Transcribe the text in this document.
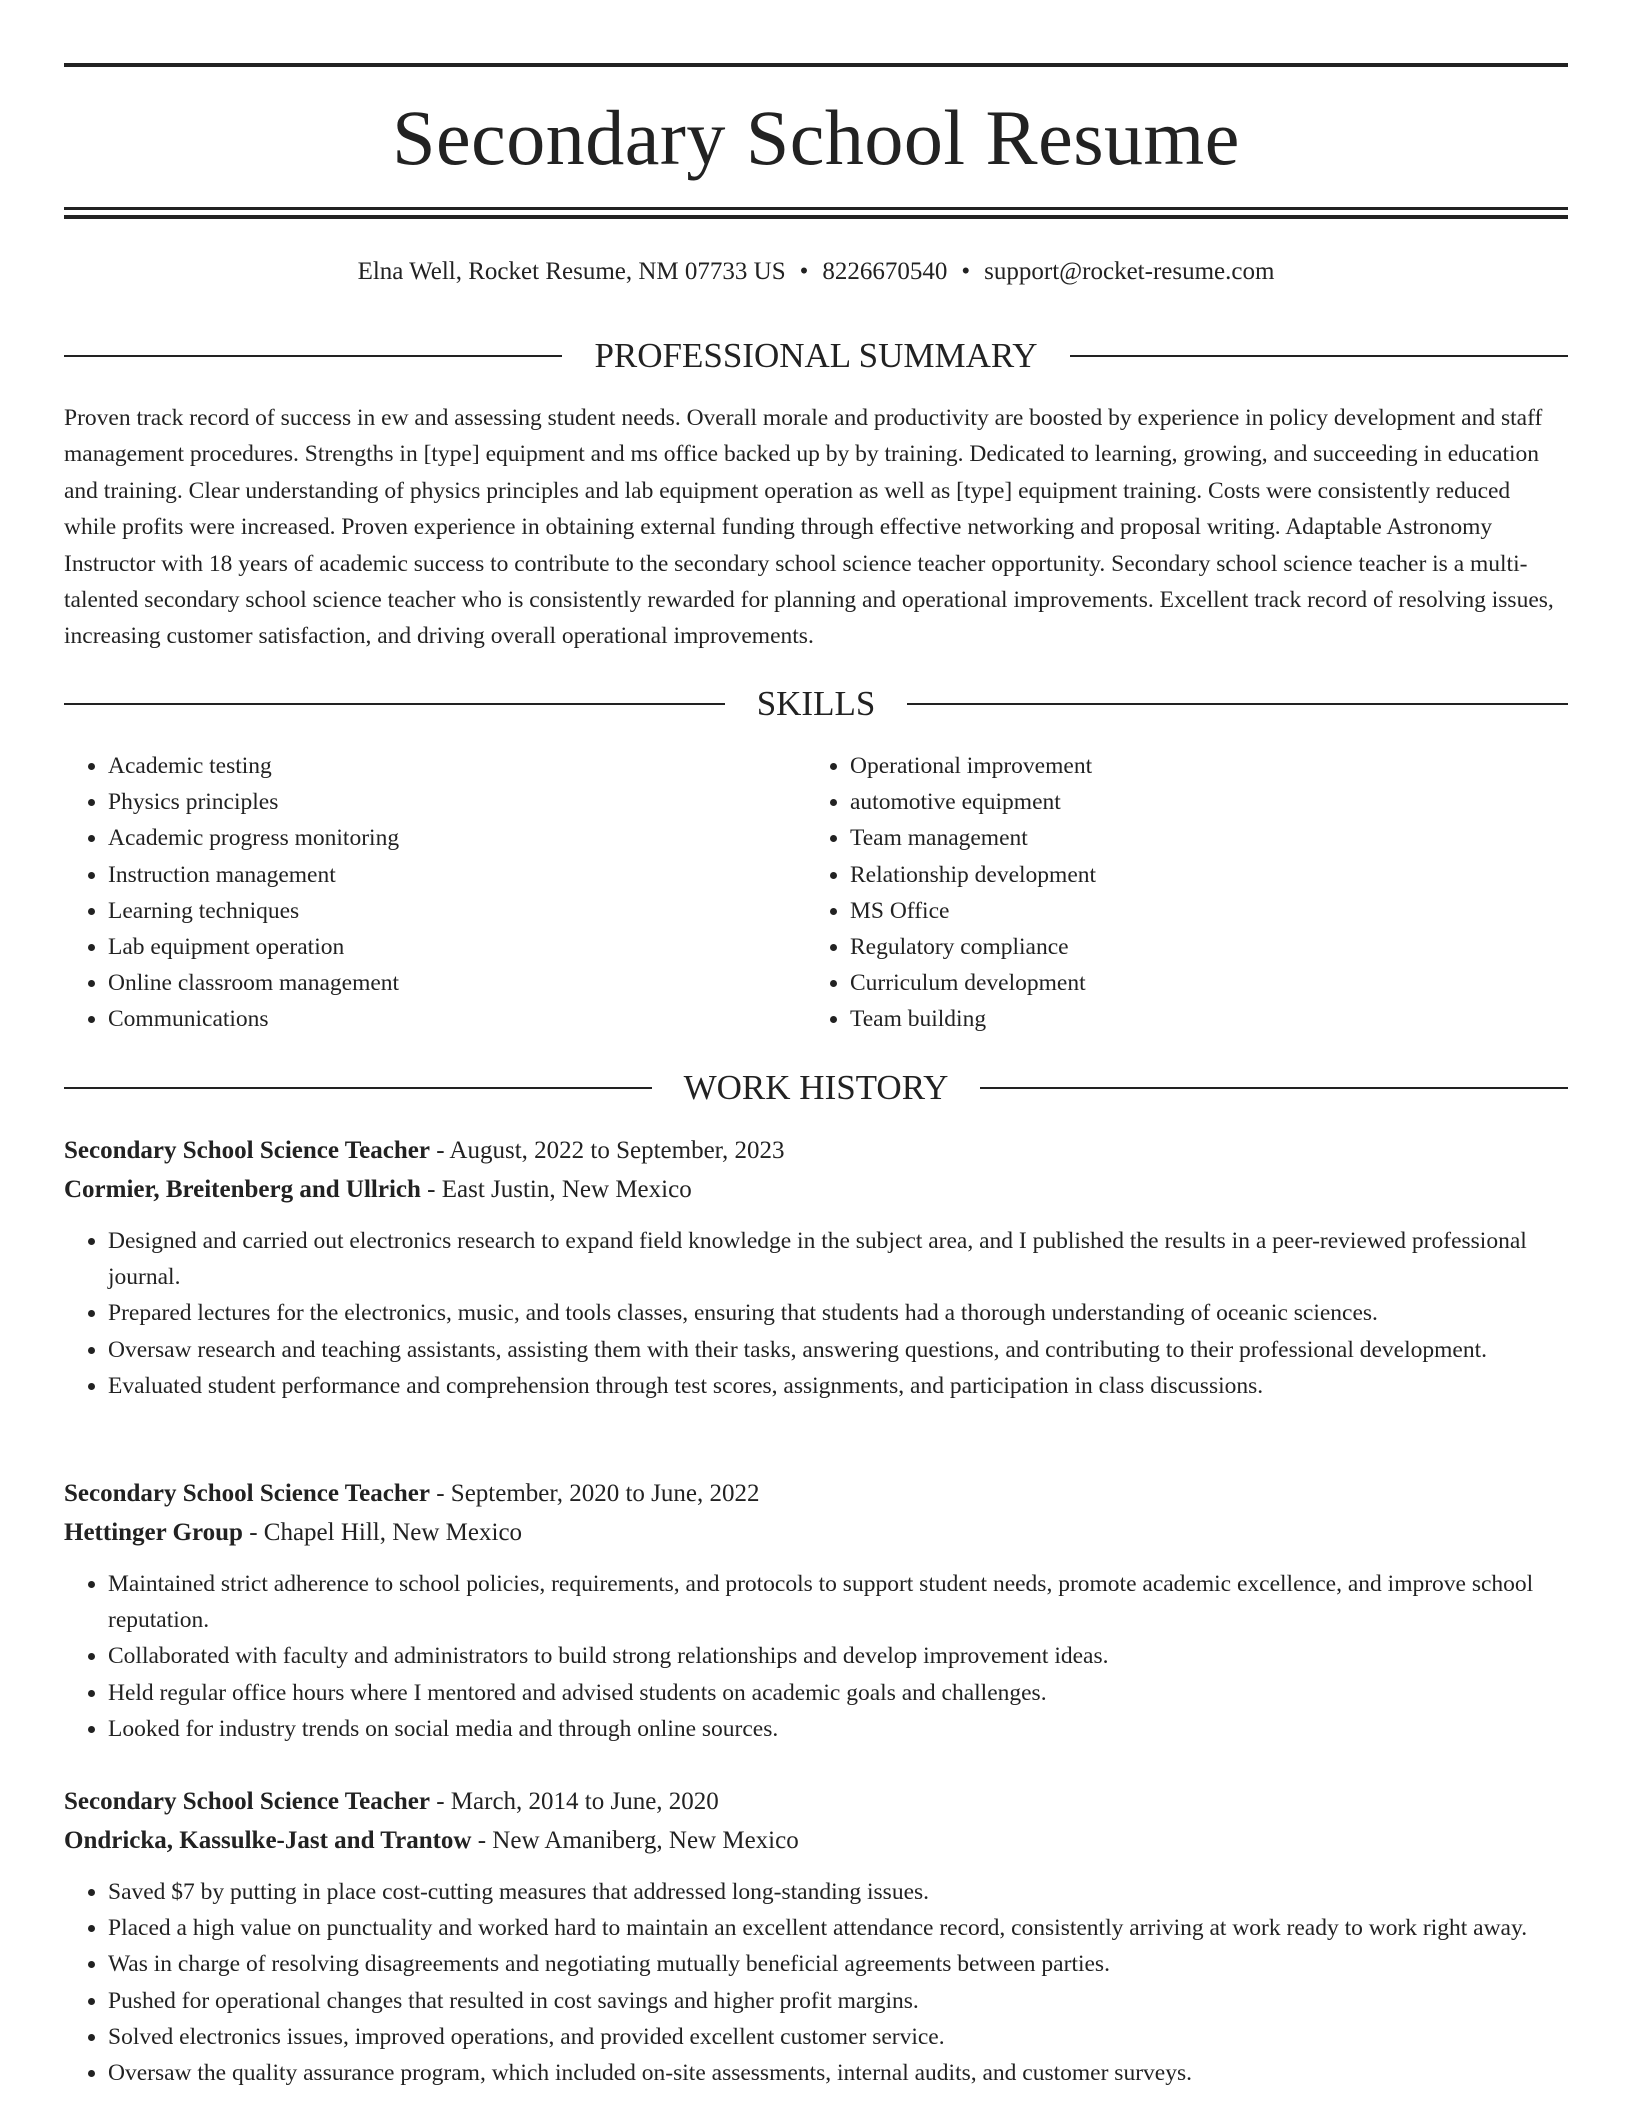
Secondary School Resume
Elna Well, Rocket Resume, NM 07733 US • 8226670540 • support@rocket-resume.com
PROFESSIONAL SUMMARY

Proven track record of success in ew and assessing student needs. Overall morale and productivity are boosted by experience in policy development and staff management procedures. Strengths in [type] equipment and ms office backed up by by training. Dedicated to learning, growing, and succeeding in education and training. Clear understanding of physics principles and lab equipment operation as well as [type] equipment training. Costs were consistently reduced while profits were increased. Proven experience in obtaining external funding through effective networking and proposal writing. Adaptable Astronomy Instructor with 18 years of academic success to contribute to the secondary school science teacher opportunity. Secondary school science teacher is a multi-talented secondary school science teacher who is consistently rewarded for planning and operational improvements. Excellent track record of resolving issues, increasing customer satisfaction, and driving overall operational improvements.

SKILLS
• Academic testing
• Physics principles
• Academic progress monitoring
• Instruction management
• Learning techniques
• Lab equipment operation
• Online classroom management
• Communications
• Operational improvement
• automotive equipment
• Team management
• Relationship development
• MS Office
• Regulatory compliance
• Curriculum development
• Team building
WORK HISTORY
Secondary School Science Teacher - August, 2022 to September, 2023
Cormier, Breitenberg and Ullrich - East Justin, New Mexico
• Designed and carried out electronics research to expand field knowledge in the subject area, and I published the results in a peer-reviewed professional journal.
• Prepared lectures for the electronics, music, and tools classes, ensuring that students had a thorough understanding of oceanic sciences.
• Oversaw research and teaching assistants, assisting them with their tasks, answering questions, and contributing to their professional development.
• Evaluated student performance and comprehension through test scores, assignments, and participation in class discussions.
Secondary School Science Teacher - September, 2020 to June, 2022
Hettinger Group - Chapel Hill, New Mexico
• Maintained strict adherence to school policies, requirements, and protocols to support student needs, promote academic excellence, and improve school reputation.
• Collaborated with faculty and administrators to build strong relationships and develop improvement ideas.
• Held regular office hours where I mentored and advised students on academic goals and challenges.
• Looked for industry trends on social media and through online sources.
Secondary School Science Teacher - March, 2014 to June, 2020
Ondricka, Kassulke-Jast and Trantow - New Amaniberg, New Mexico
• Saved $7 by putting in place cost-cutting measures that addressed long-standing issues.
• Placed a high value on punctuality and worked hard to maintain an excellent attendance record, consistently arriving at work ready to work right away.
• Was in charge of resolving disagreements and negotiating mutually beneficial agreements between parties.
• Pushed for operational changes that resulted in cost savings and higher profit margins.
• Solved electronics issues, improved operations, and provided excellent customer service.
• Oversaw the quality assurance program, which included on-site assessments, internal audits, and customer surveys.
